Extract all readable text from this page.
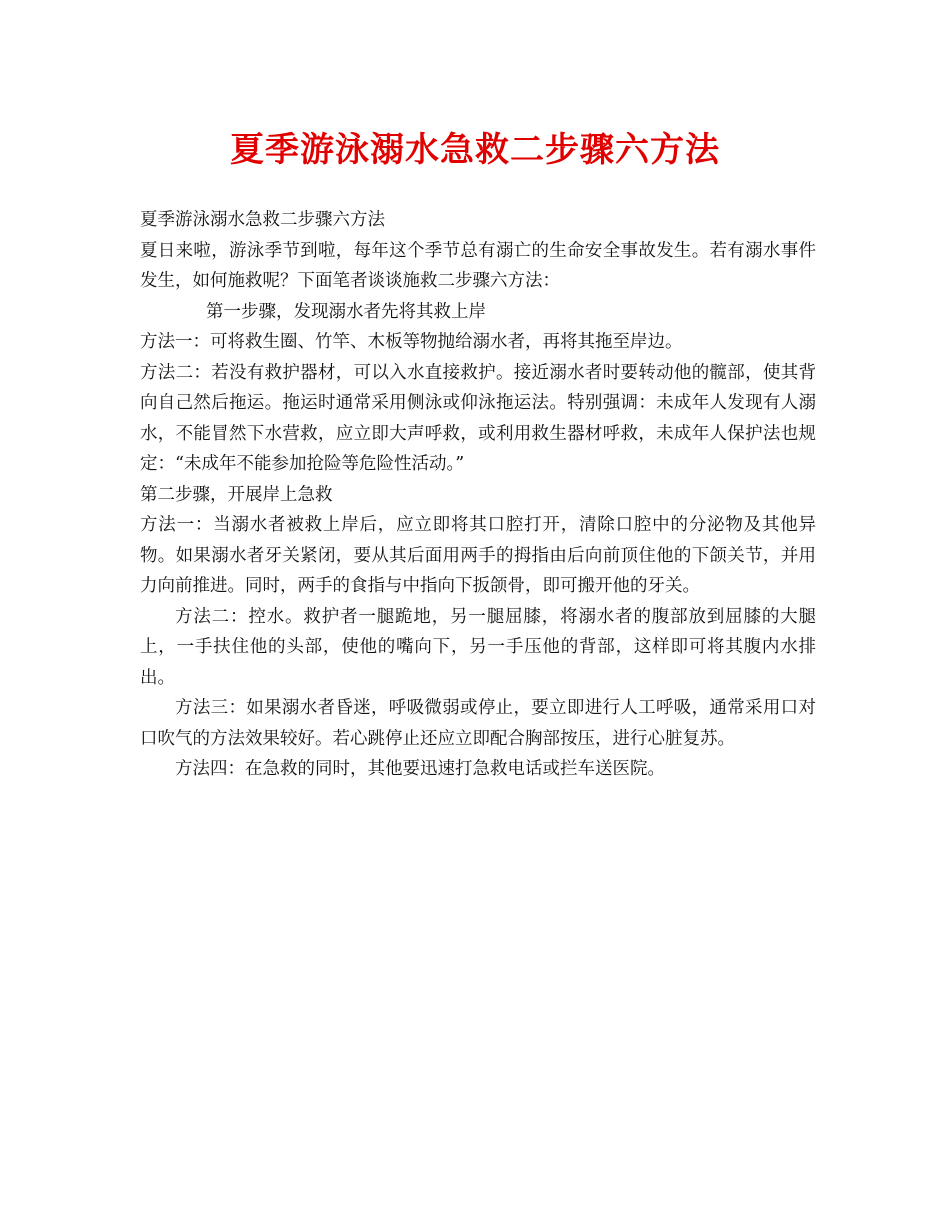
夏季游泳溺水急救二步骤六方法

夏季游泳溺水急救二步骤六方法

夏日来啦，游泳季节到啦，每年这个季节总有溺亡的生命安全事故发生。若有溺水事件发生，如何施救呢？下面笔者谈谈施救二步骤六方法：

第一步骤，发现溺水者先将其救上岸

方法一：可将救生圈、竹竿、木板等物抛给溺水者，再将其拖至岸边。

方法二：若没有救护器材，可以入水直接救护。接近溺水者时要转动他的髋部，使其背向自己然后拖运。拖运时通常采用侧泳或仰泳拖运法。特别强调：未成年人发现有人溺水，不能冒然下水营救，应立即大声呼救，或利用救生器材呼救，未成年人保护法也规定：“未成年不能参加抢险等危险性活动。”

第二步骤，开展岸上急救

方法一：当溺水者被救上岸后，应立即将其口腔打开，清除口腔中的分泌物及其他异物。如果溺水者牙关紧闭，要从其后面用两手的拇指由后向前顶住他的下颌关节，并用力向前推进。同时，两手的食指与中指向下扳颌骨，即可搬开他的牙关。

方法二：控水。救护者一腿跪地，另一腿屈膝，将溺水者的腹部放到屈膝的大腿上，一手扶住他的头部，使他的嘴向下，另一手压他的背部，这样即可将其腹内水排出。

方法三：如果溺水者昏迷，呼吸微弱或停止，要立即进行人工呼吸，通常采用口对口吹气的方法效果较好。若心跳停止还应立即配合胸部按压，进行心脏复苏。

方法四：在急救的同时，其他要迅速打急救电话或拦车送医院。
